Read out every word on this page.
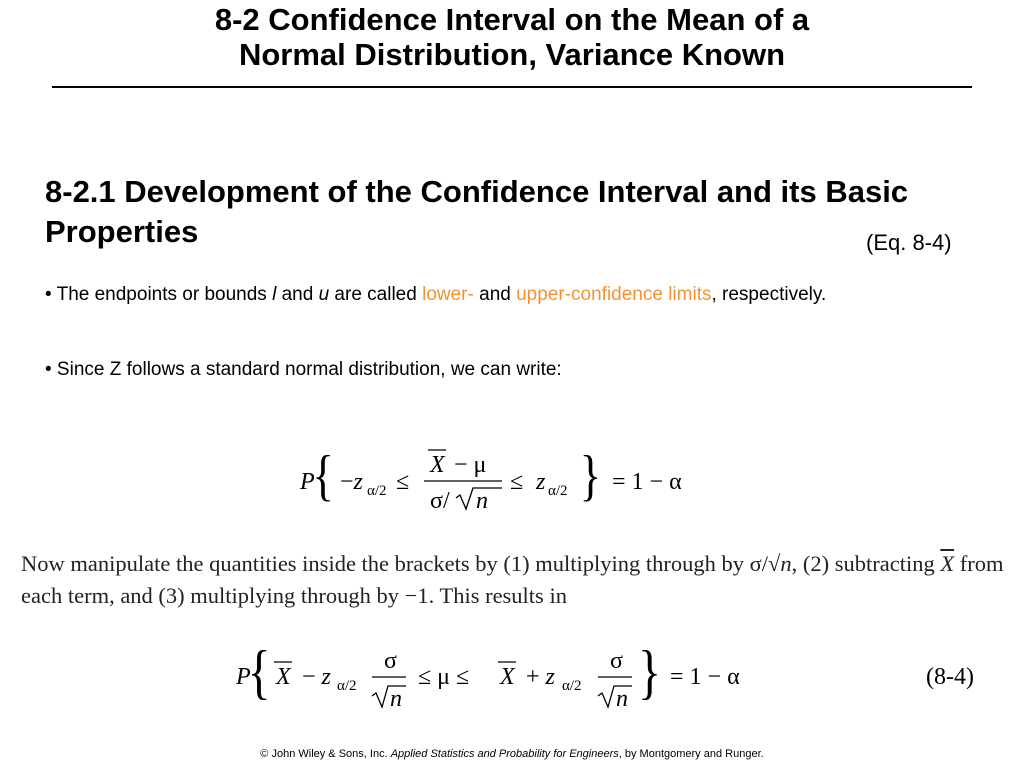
8-2 Confidence Interval on the Mean of a
Normal Distribution, Variance Known
8-2.1 Development of the Confidence Interval and its Basic
Properties	(Eq. 8-4)
• The endpoints or bounds l and u are called lower- and upper-confidence limits, respectively.
• Since Z follows a standard normal distribution, we can write:
P
{ −z α/2 ≤
X − μ
σ/ n
≤ z α/2 } = 1 − α
Now manipulate the quantities inside the brackets by (1) multiplying through by σ/√n, (2) subtracting $\overline{X}$ from each term, and (3) multiplying through by −1. This results in
P
{ X − z α/2
σ
n
≤ μ ≤ X + z α/2
σ
n } = 1 − α	(8-4)
© John Wiley & Sons, Inc. Applied Statistics and Probability for Engineers, by Montgomery and Runger.
